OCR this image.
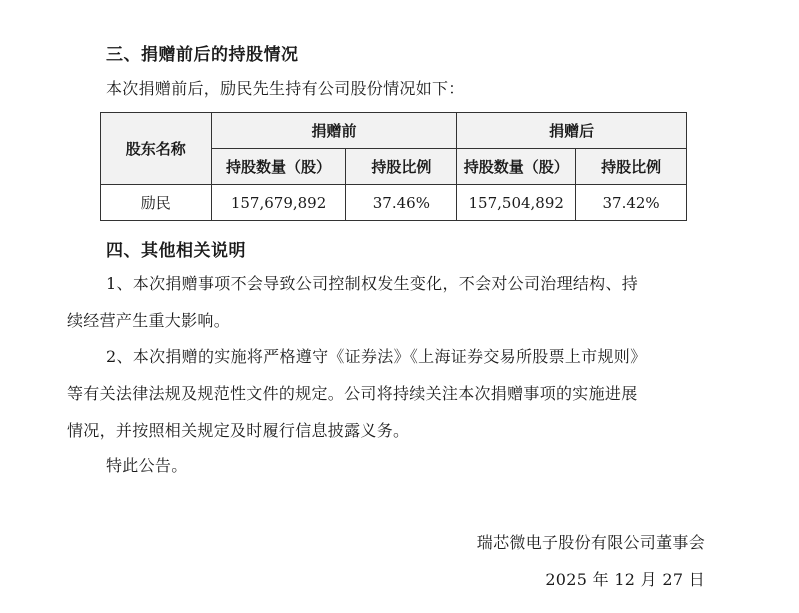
三、捐赠前后的持股情况
本次捐赠前后，励民先生持有公司股份情况如下：
股东名称	捐赠前		捐赠后	
	持股数量（股）	持股比例	持股数量（股）	持股比例
励民	157,679,892	37.46%	157,504,892	37.42%
四、其他相关说明
1、本次捐赠事项不会导致公司控制权发生变化，不会对公司治理结构、持
续经营产生重大影响。
2、本次捐赠的实施将严格遵守《证券法》《上海证券交易所股票上市规则》
等有关法律法规及规范性文件的规定。公司将持续关注本次捐赠事项的实施进展
情况，并按照相关规定及时履行信息披露义务。
特此公告。
瑞芯微电子股份有限公司董事会
2025 年 12 月 27 日
